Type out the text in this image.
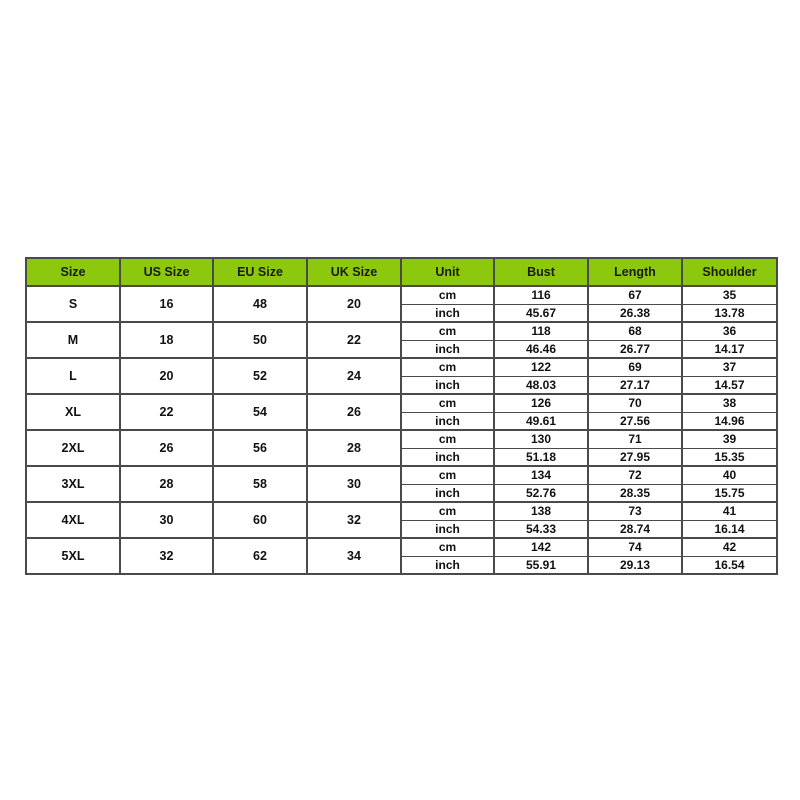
Size	US Size	EU Size	UK Size	Unit	Bust	Length	Shoulder
S	16	48	20	cm	116	67	35
				inch	45.67	26.38	13.78
M	18	50	22	cm	118	68	36
				inch	46.46	26.77	14.17
L	20	52	24	cm	122	69	37
				inch	48.03	27.17	14.57
XL	22	54	26	cm	126	70	38
				inch	49.61	27.56	14.96
2XL	26	56	28	cm	130	71	39
				inch	51.18	27.95	15.35
3XL	28	58	30	cm	134	72	40
				inch	52.76	28.35	15.75
4XL	30	60	32	cm	138	73	41
				inch	54.33	28.74	16.14
5XL	32	62	34	cm	142	74	42
				inch	55.91	29.13	16.54
